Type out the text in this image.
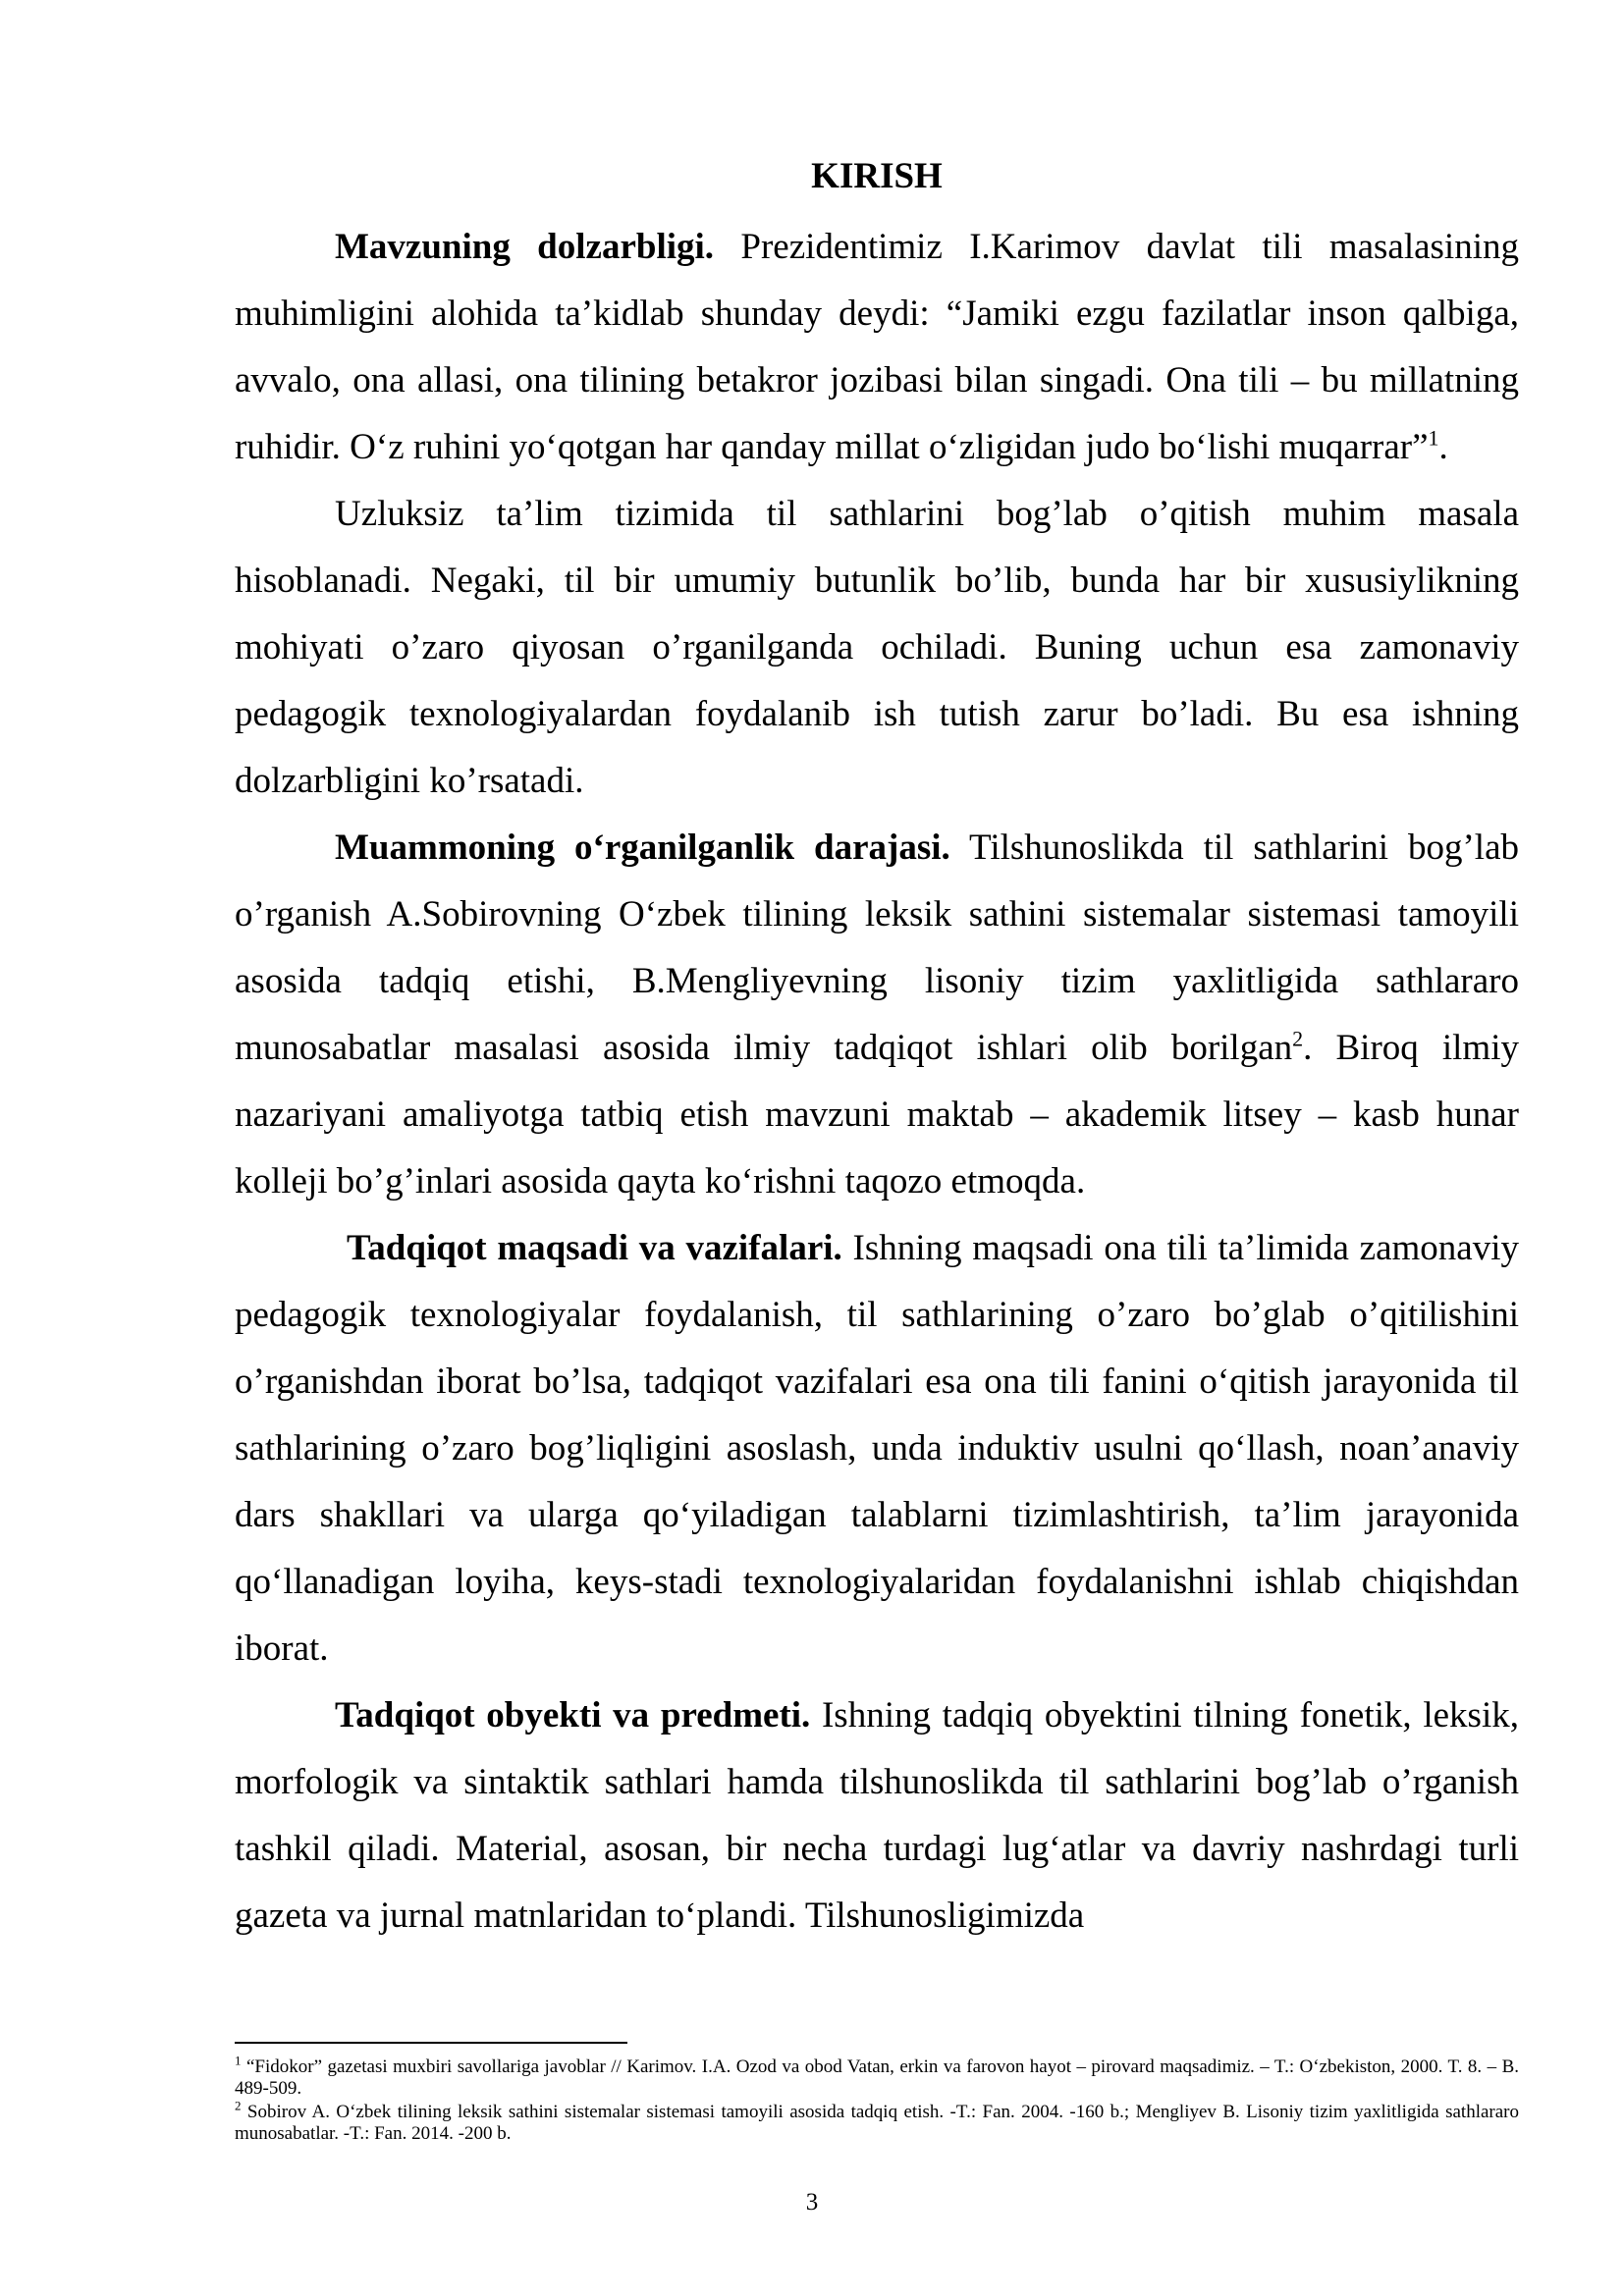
KIRISH

Mavzuning dolzarbligi. Prezidentimiz I.Karimov davlat tili masalasining muhimligini alohida ta’kidlab shunday deydi: “Jamiki ezgu fazilatlar inson qalbiga, avvalo, ona allasi, ona tilining betakror jozibasi bilan singadi. Ona tili – bu millatning ruhidir. O‘z ruhini yo‘qotgan har qanday millat o‘zligidan judo bo‘lishi muqarrar”$^1$.

Uzluksiz ta’lim tizimida til sathlarini bog’lab o’qitish muhim masala hisoblanadi. Negaki, til bir umumiy butunlik bo’lib, bunda har bir xususiylikning mohiyati o’zaro qiyosan o’rganilganda ochiladi. Buning uchun esa zamonaviy pedagogik texnologiyalardan foydalanib ish tutish zarur bo’ladi. Bu esa ishning dolzarbligini ko’rsatadi.

Muammoning o‘rganilganlik darajasi. Tilshunoslikda til sathlarini bog’lab o’rganish A.Sobirovning O‘zbek tilining leksik sathini sistemalar sistemasi tamoyili asosida tadqiq etishi, B.Mengliyevning lisoniy tizim yaxlitligida sathlararo munosabatlar masalasi asosida ilmiy tadqiqot ishlari olib borilgan$^2$. Biroq ilmiy nazariyani amaliyotga tatbiq etish mavzuni maktab – akademik litsey – kasb hunar kolleji bo’g’inlari asosida qayta ko‘rishni taqozo etmoqda.

Tadqiqot maqsadi va vazifalari. Ishning maqsadi ona tili ta’limida zamonaviy pedagogik texnologiyalar foydalanish, til sathlarining o’zaro bo’glab o’qitilishini o’rganishdan iborat bo’lsa, tadqiqot vazifalari esa ona tili fanini o‘qitish jarayonida til sathlarining o’zaro bog’liqligini asoslash, unda induktiv usulni qo‘llash, noan’anaviy dars shakllari va ularga qo‘yiladigan talablarni tizimlashtirish, ta’lim jarayonida qo‘llanadigan loyiha, keys-stadi texnologiyalaridan foydalanishni ishlab chiqishdan iborat.

Tadqiqot obyekti va predmeti. Ishning tadqiq obyektini tilning fonetik, leksik, morfologik va sintaktik sathlari hamda tilshunoslikda til sathlarini bog’lab o’rganish tashkil qiladi. Material, asosan, bir necha turdagi lug‘atlar va davriy nashrdagi turli gazeta va jurnal matnlaridan to‘plandi. Tilshunosligimizda

$^1$ “Fidokor” gazetasi muxbiri savollariga javoblar // Karimov. I.A. Ozod va obod Vatan, erkin va farovon hayot – pirovard maqsadimiz. – T.: O‘zbekiston, 2000. T. 8. – B. 489-509.

$^2$ Sobirov A. O‘zbek tilining leksik sathini sistemalar sistemasi tamoyili asosida tadqiq etish. -T.: Fan. 2004. -160 b.; Mengliyev B. Lisoniy tizim yaxlitligida sathlararo munosabatlar. -T.: Fan. 2014. -200 b.

3
